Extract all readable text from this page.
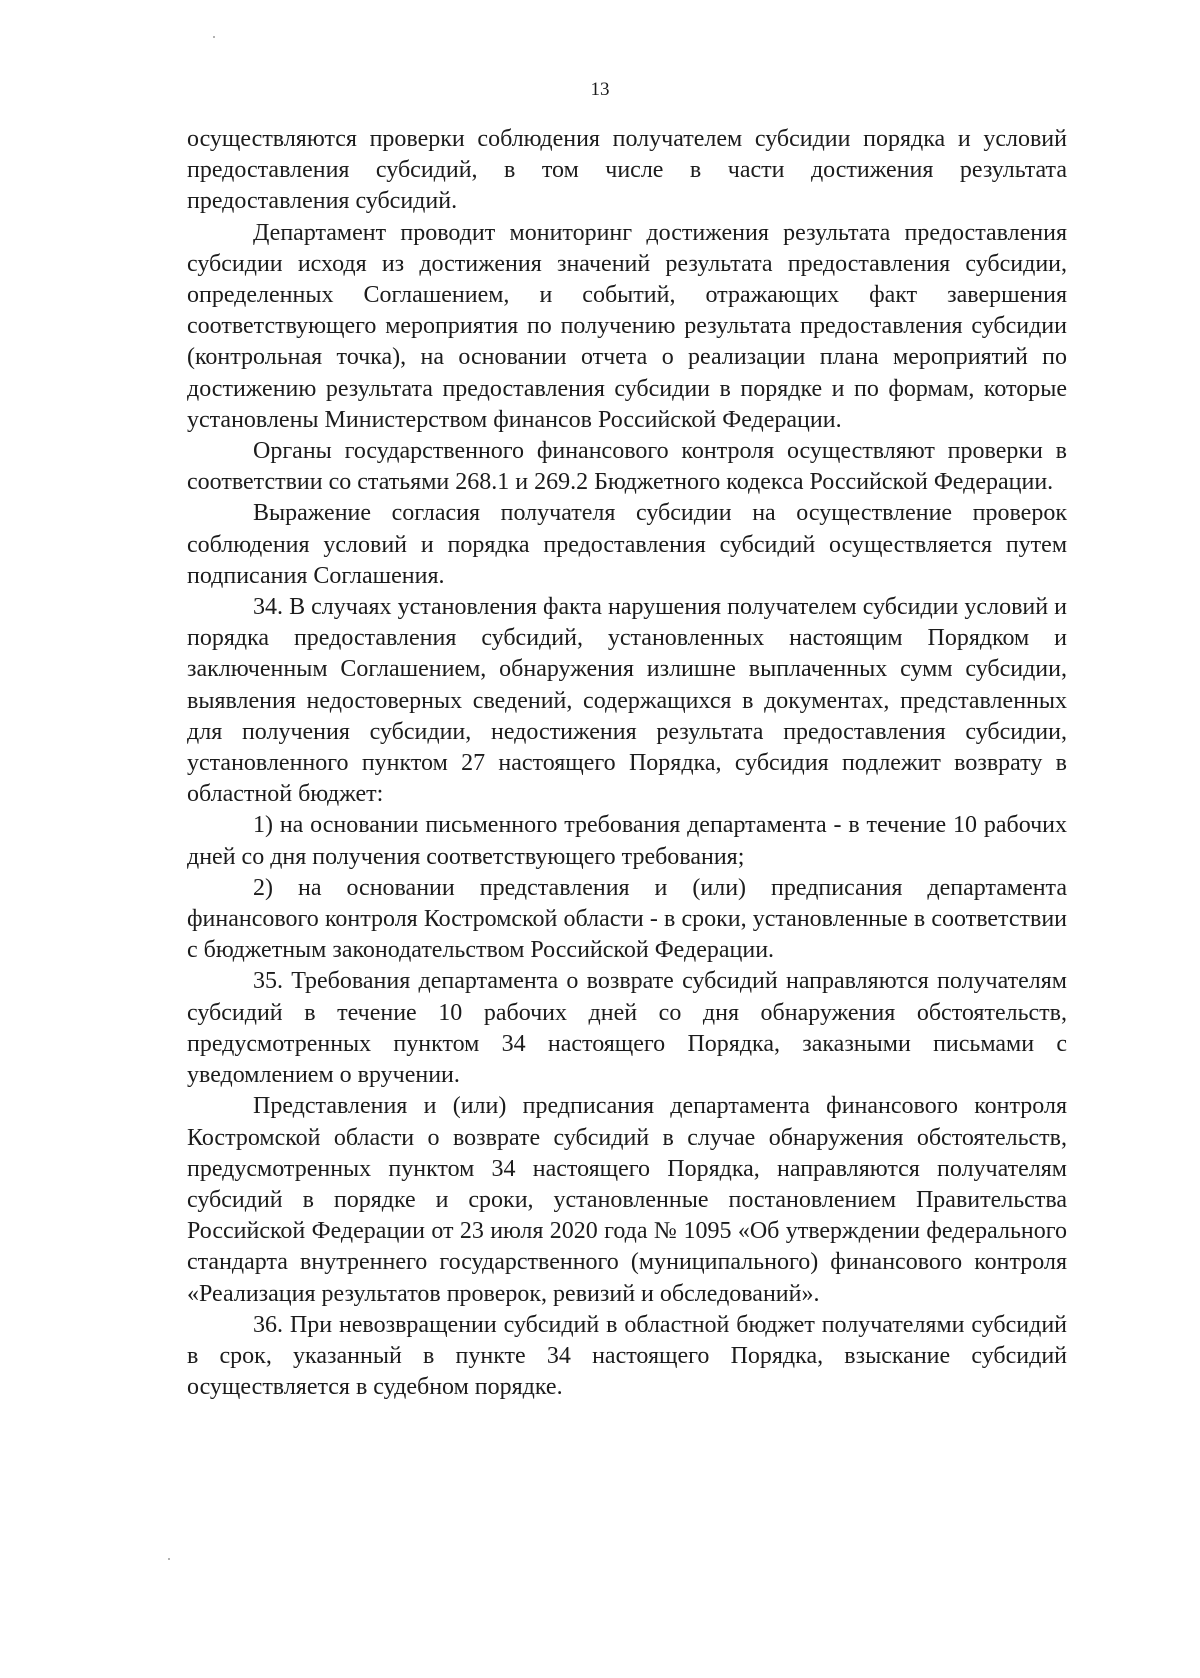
13

осуществляются проверки соблюдения получателем субсидии порядка и условий предоставления субсидий, в том числе в части достижения результата предоставления субсидий.

Департамент проводит мониторинг достижения результата предоставления субсидии исходя из достижения значений результата предоставления субсидии, определенных Соглашением, и событий, отражающих факт завершения соответствующего мероприятия по получению результата предоставления субсидии (контрольная точка), на основании отчета о реализации плана мероприятий по достижению результата предоставления субсидии в порядке и по формам, которые установлены Министерством финансов Российской Федерации.

Органы государственного финансового контроля осуществляют проверки в соответствии со статьями 268.1 и 269.2 Бюджетного кодекса Российской Федерации.

Выражение согласия получателя субсидии на осуществление проверок соблюдения условий и порядка предоставления субсидий осуществляется путем подписания Соглашения.

34. В случаях установления факта нарушения получателем субсидии условий и порядка предоставления субсидий, установленных настоящим Порядком и заключенным Соглашением, обнаружения излишне выплаченных сумм субсидии, выявления недостоверных сведений, содержащихся в документах, представленных для получения субсидии, недостижения результата предоставления субсидии, установленного пунктом 27 настоящего Порядка, субсидия подлежит возврату в областной бюджет:

1) на основании письменного требования департамента - в течение 10 рабочих дней со дня получения соответствующего требования;

2) на основании представления и (или) предписания департамента финансового контроля Костромской области - в сроки, установленные в соответствии с бюджетным законодательством Российской Федерации.

35. Требования департамента о возврате субсидий направляются получателям субсидий в течение 10 рабочих дней со дня обнаружения обстоятельств, предусмотренных пунктом 34 настоящего Порядка, заказными письмами с уведомлением о вручении.

Представления и (или) предписания департамента финансового контроля Костромской области о возврате субсидий в случае обнаружения обстоятельств, предусмотренных пунктом 34 настоящего Порядка, направляются получателям субсидий в порядке и сроки, установленные постановлением Правительства Российской Федерации от 23 июля 2020 года № 1095 «Об утверждении федерального стандарта внутреннего государственного (муниципального) финансового контроля «Реализация результатов проверок, ревизий и обследований».

36. При невозвращении субсидий в областной бюджет получателями субсидий в срок, указанный в пункте 34 настоящего Порядка, взыскание субсидий осуществляется в судебном порядке.
